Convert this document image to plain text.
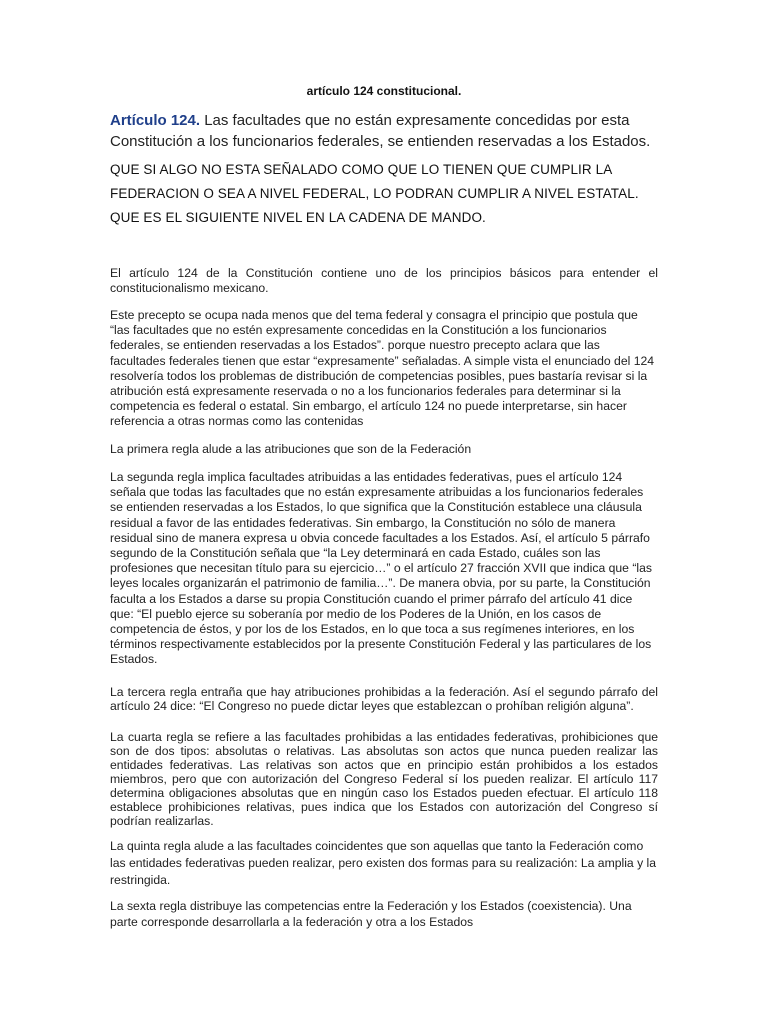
artículo 124 constitucional.
Artículo 124. Las facultades que no están expresamente concedidas por esta Constitución a los funcionarios federales, se entienden reservadas a los Estados.
QUE SI ALGO NO ESTA SEÑALADO COMO QUE LO TIENEN QUE CUMPLIR LA FEDERACION O SEA A NIVEL FEDERAL, LO PODRAN CUMPLIR A NIVEL ESTATAL. QUE ES EL SIGUIENTE NIVEL EN LA CADENA DE MANDO.

El artículo 124 de la Constitución contiene uno de los principios básicos para entender el constitucionalismo mexicano.

Este precepto se ocupa nada menos que del tema federal y consagra el principio que postula que “las facultades que no estén expresamente concedidas en la Constitución a los funcionarios federales, se entienden reservadas a los Estados”. porque nuestro precepto aclara que las facultades federales tienen que estar “expresamente” señaladas. A simple vista el enunciado del 124 resolvería todos los problemas de distribución de competencias posibles, pues bastaría revisar si la atribución está expresamente reservada o no a los funcionarios federales para determinar si la competencia es federal o estatal. Sin embargo, el artículo 124 no puede interpretarse, sin hacer referencia a otras normas como las contenidas

La primera regla alude a las atribuciones que son de la Federación

La segunda regla implica facultades atribuidas a las entidades federativas, pues el artículo 124 señala que todas las facultades que no están expresamente atribuidas a los funcionarios federales se entienden reservadas a los Estados, lo que significa que la Constitución establece una cláusula residual a favor de las entidades federativas. Sin embargo, la Constitución no sólo de manera residual sino de manera expresa u obvia concede facultades a los Estados. Así, el artículo 5 párrafo segundo de la Constitución señala que “la Ley determinará en cada Estado, cuáles son las profesiones que necesitan título para su ejercicio…” o el artículo 27 fracción XVII que indica que “las leyes locales organizarán el patrimonio de familia…”. De manera obvia, por su parte, la Constitución faculta a los Estados a darse su propia Constitución cuando el primer párrafo del artículo 41 dice que: “El pueblo ejerce su soberanía por medio de los Poderes de la Unión, en los casos de competencia de éstos, y por los de los Estados, en lo que toca a sus regímenes interiores, en los términos respectivamente establecidos por la presente Constitución Federal y las particulares de los Estados.

La tercera regla entraña que hay atribuciones prohibidas a la federación. Así el segundo párrafo del artículo 24 dice: “El Congreso no puede dictar leyes que establezcan o prohíban religión alguna”.

La cuarta regla se refiere a las facultades prohibidas a las entidades federativas, prohibiciones que son de dos tipos: absolutas o relativas. Las absolutas son actos que nunca pueden realizar las entidades federativas. Las relativas son actos que en principio están prohibidos a los estados miembros, pero que con autorización del Congreso Federal sí los pueden realizar. El artículo 117 determina obligaciones absolutas que en ningún caso los Estados pueden efectuar. El artículo 118 establece prohibiciones relativas, pues indica que los Estados con autorización del Congreso sí podrían realizarlas.

La quinta regla alude a las facultades coincidentes que son aquellas que tanto la Federación como las entidades federativas pueden realizar, pero existen dos formas para su realización: La amplia y la restringida.

La sexta regla distribuye las competencias entre la Federación y los Estados (coexistencia). Una parte corresponde desarrollarla a la federación y otra a los Estados
